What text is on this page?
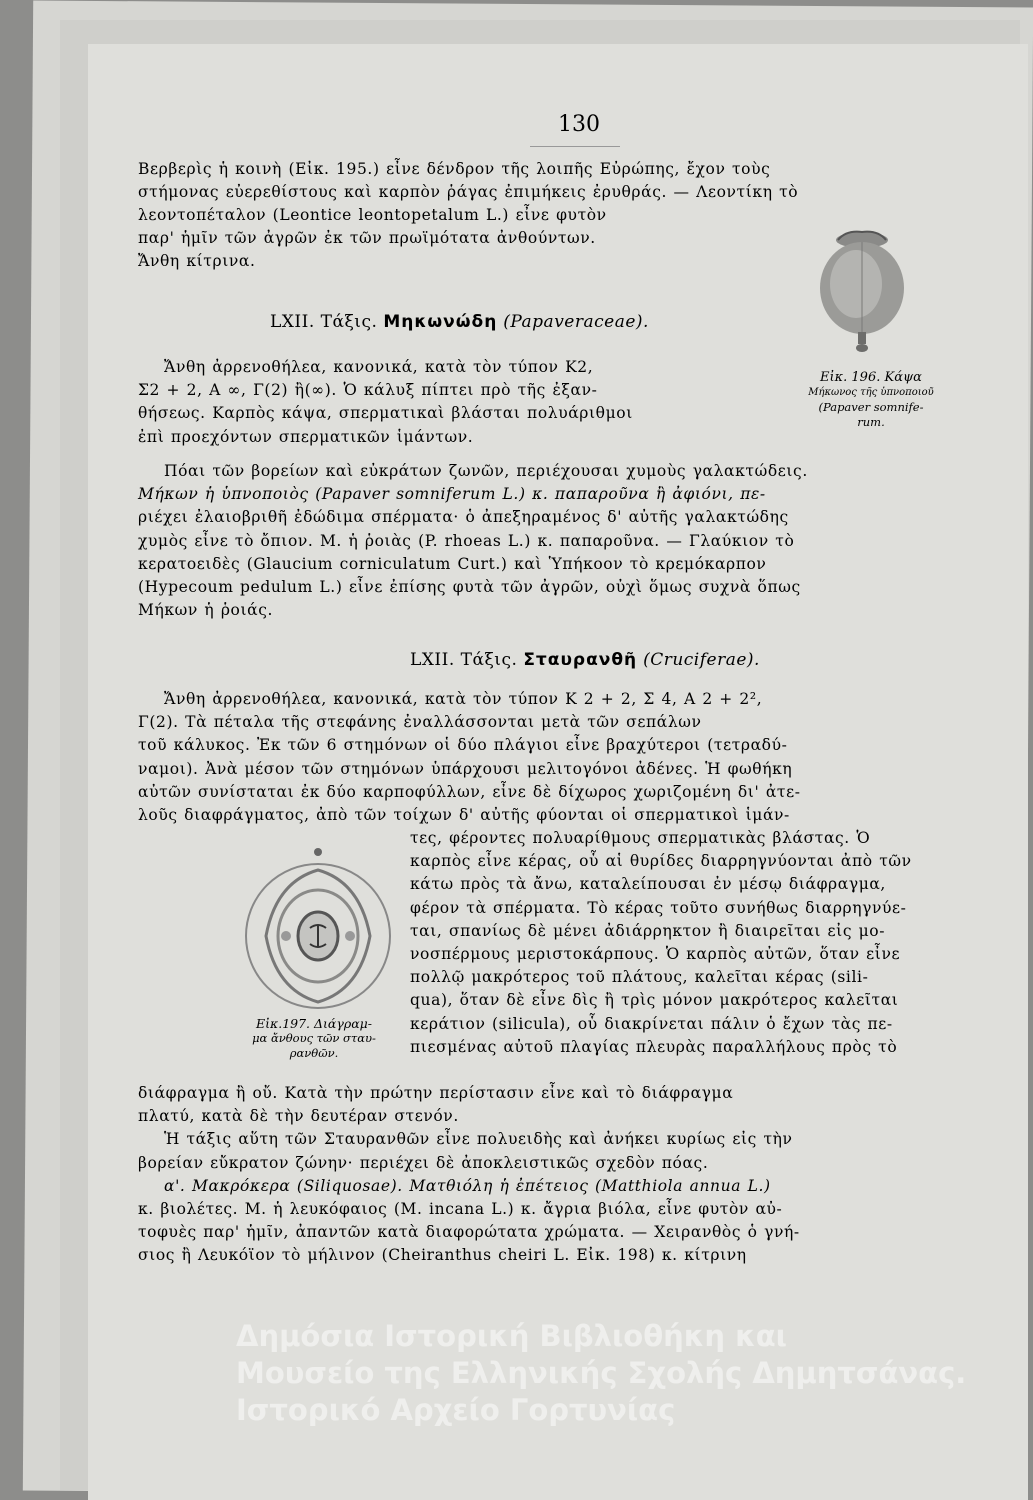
130

Βερβερὶς ἡ κοινὴ (Εἰκ. 195.) εἶνε δένδρον τῆς λοιπῆς Εὐρώπης, ἔχον τοὺς

στήμονας εὐερεθίστους καὶ καρπὸν ῥάγας ἐπιμήκεις ἐρυθράς. — Λεοντίκη τὸ

λεοντοπέταλον (Leontice leontopetalum L.) εἶνε φυτὸν

παρ' ἡμῖν τῶν ἀγρῶν ἐκ τῶν πρωϊμότατα ἀνθούντων.

Ἄνθη κίτρινα.

LXII. Τάξις. Μηκωνώδη (Papaveraceae).
Εἰκ. 196. Κάψα
Μήκωνος τῆς ὑπνοποιοῦ
(Papaver somnife-
rum.

Ἄνθη ἀρρενοθήλεα, κανονικά, κατὰ τὸν τύπον Κ2,

Σ2 + 2, Α ∞, Γ(2) ἢ(∞). Ὁ κάλυξ πίπτει πρὸ τῆς ἐξαν-

θήσεως. Καρπὸς κάψα, σπερματικαὶ βλάσται πολυάριθμοι

ἐπὶ προεχόντων σπερματικῶν ἱμάντων.

Πόαι τῶν βορείων καὶ εὐκράτων ζωνῶν, περιέχουσαι χυμοὺς γαλακτώδεις.

Μήκων ἡ ὑπνοποιὸς (Papaver somniferum L.) κ. παπαροῦνα ἢ ἀφιόνι, πε-

ριέχει ἐλαιοβριθῆ ἐδώδιμα σπέρματα· ὁ ἀπεξηραμένος δ' αὐτῆς γαλακτώδης

χυμὸς εἶνε τὸ ὄπιον. Μ. ἡ ῥοιὰς (P. rhoeas L.) κ. παπαροῦνα. — Γλαύκιον τὸ

κερατοειδὲς (Glaucium corniculatum Curt.) καὶ Ὑπήκοον τὸ κρεμόκαρπον

(Hypecoum pedulum L.) εἶνε ἐπίσης φυτὰ τῶν ἀγρῶν, οὐχὶ ὅμως συχνὰ ὅπως

Μήκων ἡ ῥοιάς.

LXII. Τάξις. Σταυρανθῆ (Cruciferae).

Ἄνθη ἀρρενοθήλεα, κανονικά, κατὰ τὸν τύπον Κ 2 + 2, Σ 4, Α 2 + 2²,

Γ(2). Τὰ πέταλα τῆς στεφάνης ἐναλλάσσονται μετὰ τῶν σεπάλων

τοῦ κάλυκος. Ἐκ τῶν 6 στημόνων οἱ δύο πλάγιοι εἶνε βραχύτεροι (τετραδύ-

ναμοι). Ἀνὰ μέσον τῶν στημόνων ὑπάρχουσι μελιτογόνοι ἀδένες. Ἡ φωθήκη

αὐτῶν συνίσταται ἐκ δύο καρποφύλλων, εἶνε δὲ δίχωρος χωριζομένη δι' ἀτε-

λοῦς διαφράγματος, ἀπὸ τῶν τοίχων δ' αὐτῆς φύονται οἱ σπερματικοὶ ἱμάν-

Εἰκ.197. Διάγραμ-
μα ἄνθους τῶν σταυ-
ρανθῶν.

τες, φέροντες πολυαρίθμους σπερματικὰς βλάστας. Ὁ

καρπὸς εἶνε κέρας, οὗ αἱ θυρίδες διαρρηγνύονται ἀπὸ τῶν

κάτω πρὸς τὰ ἄνω, καταλείπουσαι ἐν μέσῳ διάφραγμα,

φέρον τὰ σπέρματα. Τὸ κέρας τοῦτο συνήθως διαρρηγνύε-

ται, σπανίως δὲ μένει ἀδιάρρηκτον ἢ διαιρεῖται εἰς μο-

νοσπέρμους μεριστοκάρπους. Ὁ καρπὸς αὐτῶν, ὅταν εἶνε

πολλῷ μακρότερος τοῦ πλάτους, καλεῖται κέρας (sili-

qua), ὅταν δὲ εἶνε δὶς ἢ τρὶς μόνον μακρότερος καλεῖται

κεράτιον (silicula), οὗ διακρίνεται πάλιν ὁ ἔχων τὰς πε-

πιεσμένας αὐτοῦ πλαγίας πλευρὰς παραλλήλους πρὸς τὸ

διάφραγμα ἢ οὔ. Κατὰ τὴν πρώτην περίστασιν εἶνε καὶ τὸ διάφραγμα

πλατύ, κατὰ δὲ τὴν δευτέραν στενόν.

Ἡ τάξις αὕτη τῶν Σταυρανθῶν εἶνε πολυειδὴς καὶ ἀνήκει κυρίως εἰς τὴν

βορείαν εὔκρατον ζώνην· περιέχει δὲ ἀποκλειστικῶς σχεδὸν πόας.

α'. Μακρόκερα (Siliquosae). Ματθιόλη ἡ ἐπέτειος (Matthiola annua L.)

κ. βιολέτες. Μ. ἡ λευκόφαιος (M. incana L.) κ. ἄγρια βιόλα, εἶνε φυτὸν αὐ-

τοφυὲς παρ' ἡμῖν, ἀπαντῶν κατὰ διαφορώτατα χρώματα. — Χειρανθὸς ὁ γνή-

σιος ἢ Λευκόϊον τὸ μήλινον (Cheiranthus cheiri L. Εἰκ. 198) κ. κίτρινη

Δημόσια Ιστορική Βιβλιοθήκη και
Μουσείο της Ελληνικής Σχολής Δημητσάνας.
Ιστορικό Αρχείο Γορτυνίας
